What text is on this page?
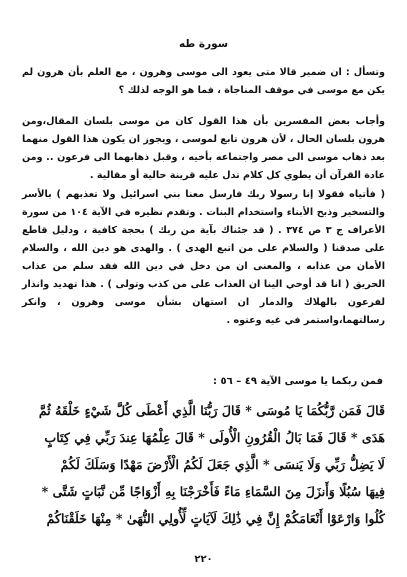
سورة طه
وتسأل : ان ضمير قالا متى يعود الى موسى وهرون ، مع العلم بأن هرون لم يكن مع موسى في موقف المناجاة ، فما هو الوجه لذلك ؟
وأجاب بعض المفسرين بأن هذا القول كان من موسى بلسان المقال،ومن هرون بلسان الحال ، لأن هرون تابع لموسى ، ويجوز ان يكون هذا القول منهما بعد ذهاب موسى الى مصر واجتماعه بأخيه ، وقبل ذهابهما الى فرعون .. ومن عادة القرآن أن يطوي كل كلام تدل عليه قرينة حالية أو مقالية .
( فأتياه فقولا إنا رسولا ربك فارسل معنا بني اسرائيل ولا تعذبهم ) بالأسر والتسخير وذبح الأبناء واستخدام البنات . وتقدم نظيره في الآية ١٠٤ من سورة الأعراف ج ٣ ص ٣٧٤ . ( قد جئناك بآية من ربك ) بحجة كافية ، ودليل قاطع على صدقنا ( والسلام على من اتبع الهدى ) . والهدى هو دين الله ، والسلام الأمان من عذابه ، والمعنى ان من دخل في دين الله فقد سلم من عذاب الحريق ( انا قد أوحي الينا ان العذاب على من كذب وتولى ) . هذا تهديد وانذار لفرعون بالهلاك والدمار ان استهان بشأن موسى وهرون ، وانكر رسالتهما،واستمر في غيه وعتوه .
فمن ربكما يا موسى الآية ٤٩ – ٥٦ :
قَالَ فَمَن رَّبُّكُمَا يَا مُوسَى * قَالَ رَبُّنَا الَّذِي أَعْطَى كُلَّ شَيْءٍ خَلْقَهُ ثُمَّ
هَدَى * قَالَ فَمَا بَالُ الْقُرُونِ الْأُولَى * قَالَ عِلْمُهَا عِندَ رَبِّي فِي كِتَابٍ
لَا يَضِلُّ رَبِّي وَلَا يَنسَى * الَّذِي جَعَلَ لَكُمُ الْأَرْضَ مَهْدًا وَسَلَكَ لَكُمْ
فِيهَا سُبُلًا وَأَنزَلَ مِنَ السَّمَاءِ مَاءً فَأَخْرَجْنَا بِهِ أَزْوَاجًا مِّن نَّبَاتٍ شَتَّى *
كُلُوا وَارْعَوْا أَنْعَامَكُمْ إِنَّ فِي ذَٰلِكَ لَآيَاتٍ لِّأُولِي النُّهَىٰ * مِنْهَا خَلَقْنَاكُمْ
٢٢٠
